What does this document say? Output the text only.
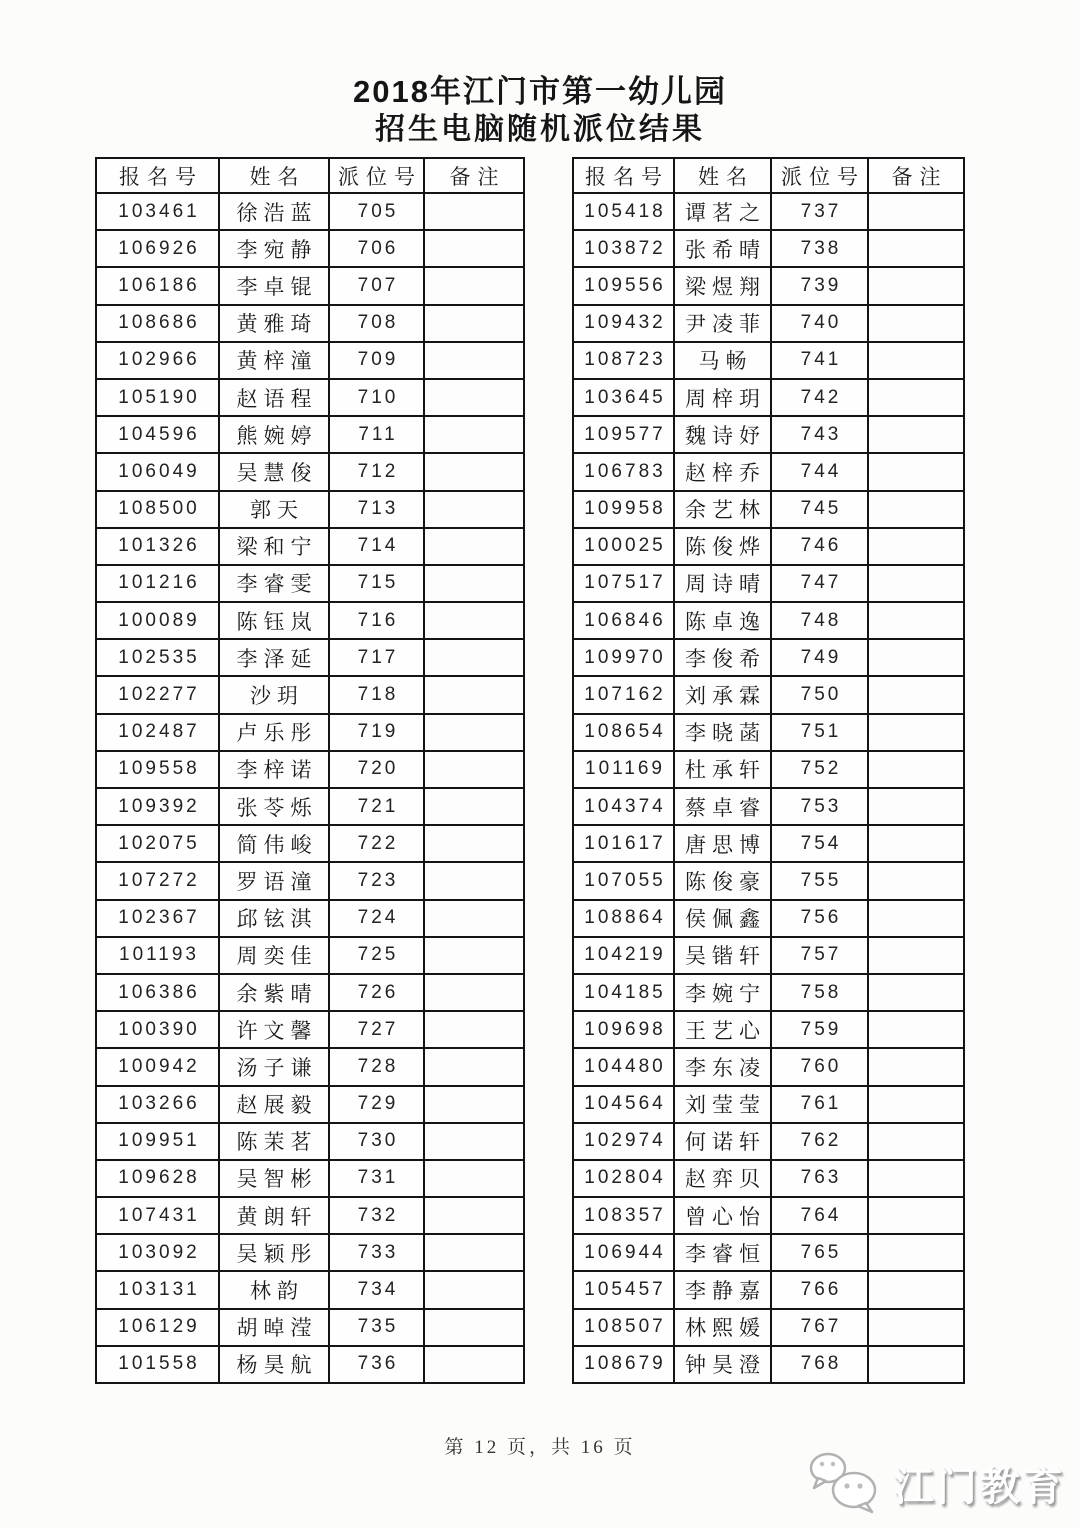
2018年江门市第一幼儿园
招生电脑随机派位结果
报名号	姓名	派位号	备注
103461	徐浩蓝	705	
106926	李宛静	706	
106186	李卓锟	707	
108686	黄雅琦	708	
102966	黄梓潼	709	
105190	赵语程	710	
104596	熊婉婷	711	
106049	吴慧俊	712	
108500	郭天	713	
101326	梁和宁	714	
101216	李睿雯	715	
100089	陈钰岚	716	
102535	李泽延	717	
102277	沙玥	718	
102487	卢乐彤	719	
109558	李梓诺	720	
109392	张苓烁	721	
102075	简伟峻	722	
107272	罗语潼	723	
102367	邱铉淇	724	
101193	周奕佳	725	
106386	余紫晴	726	
100390	许文馨	727	
100942	汤子谦	728	
103266	赵展毅	729	
109951	陈茉茗	730	
109628	吴智彬	731	
107431	黄朗轩	732	
103092	吴颖彤	733	
103131	林韵	734	
106129	胡晫滢	735	
101558	杨昊航	736	
报名号	姓名	派位号	备注
105418	谭茗之	737	
103872	张希晴	738	
109556	梁煜翔	739	
109432	尹凌菲	740	
108723	马畅	741	
103645	周梓玥	742	
109577	魏诗妤	743	
106783	赵梓乔	744	
109958	余艺林	745	
100025	陈俊烨	746	
107517	周诗晴	747	
106846	陈卓逸	748	
109970	李俊希	749	
107162	刘承霖	750	
108654	李晓菡	751	
101169	杜承轩	752	
104374	蔡卓睿	753	
101617	唐思博	754	
107055	陈俊豪	755	
108864	侯佩鑫	756	
104219	吴锴轩	757	
104185	李婉宁	758	
109698	王艺心	759	
104480	李东凌	760	
104564	刘莹莹	761	
102974	何诺轩	762	
102804	赵弈贝	763	
108357	曾心怡	764	
106944	李睿恒	765	
105457	李静嘉	766	
108507	林熙媛	767	
108679	钟昊澄	768	
第 12 页，共 16 页
江门教育
